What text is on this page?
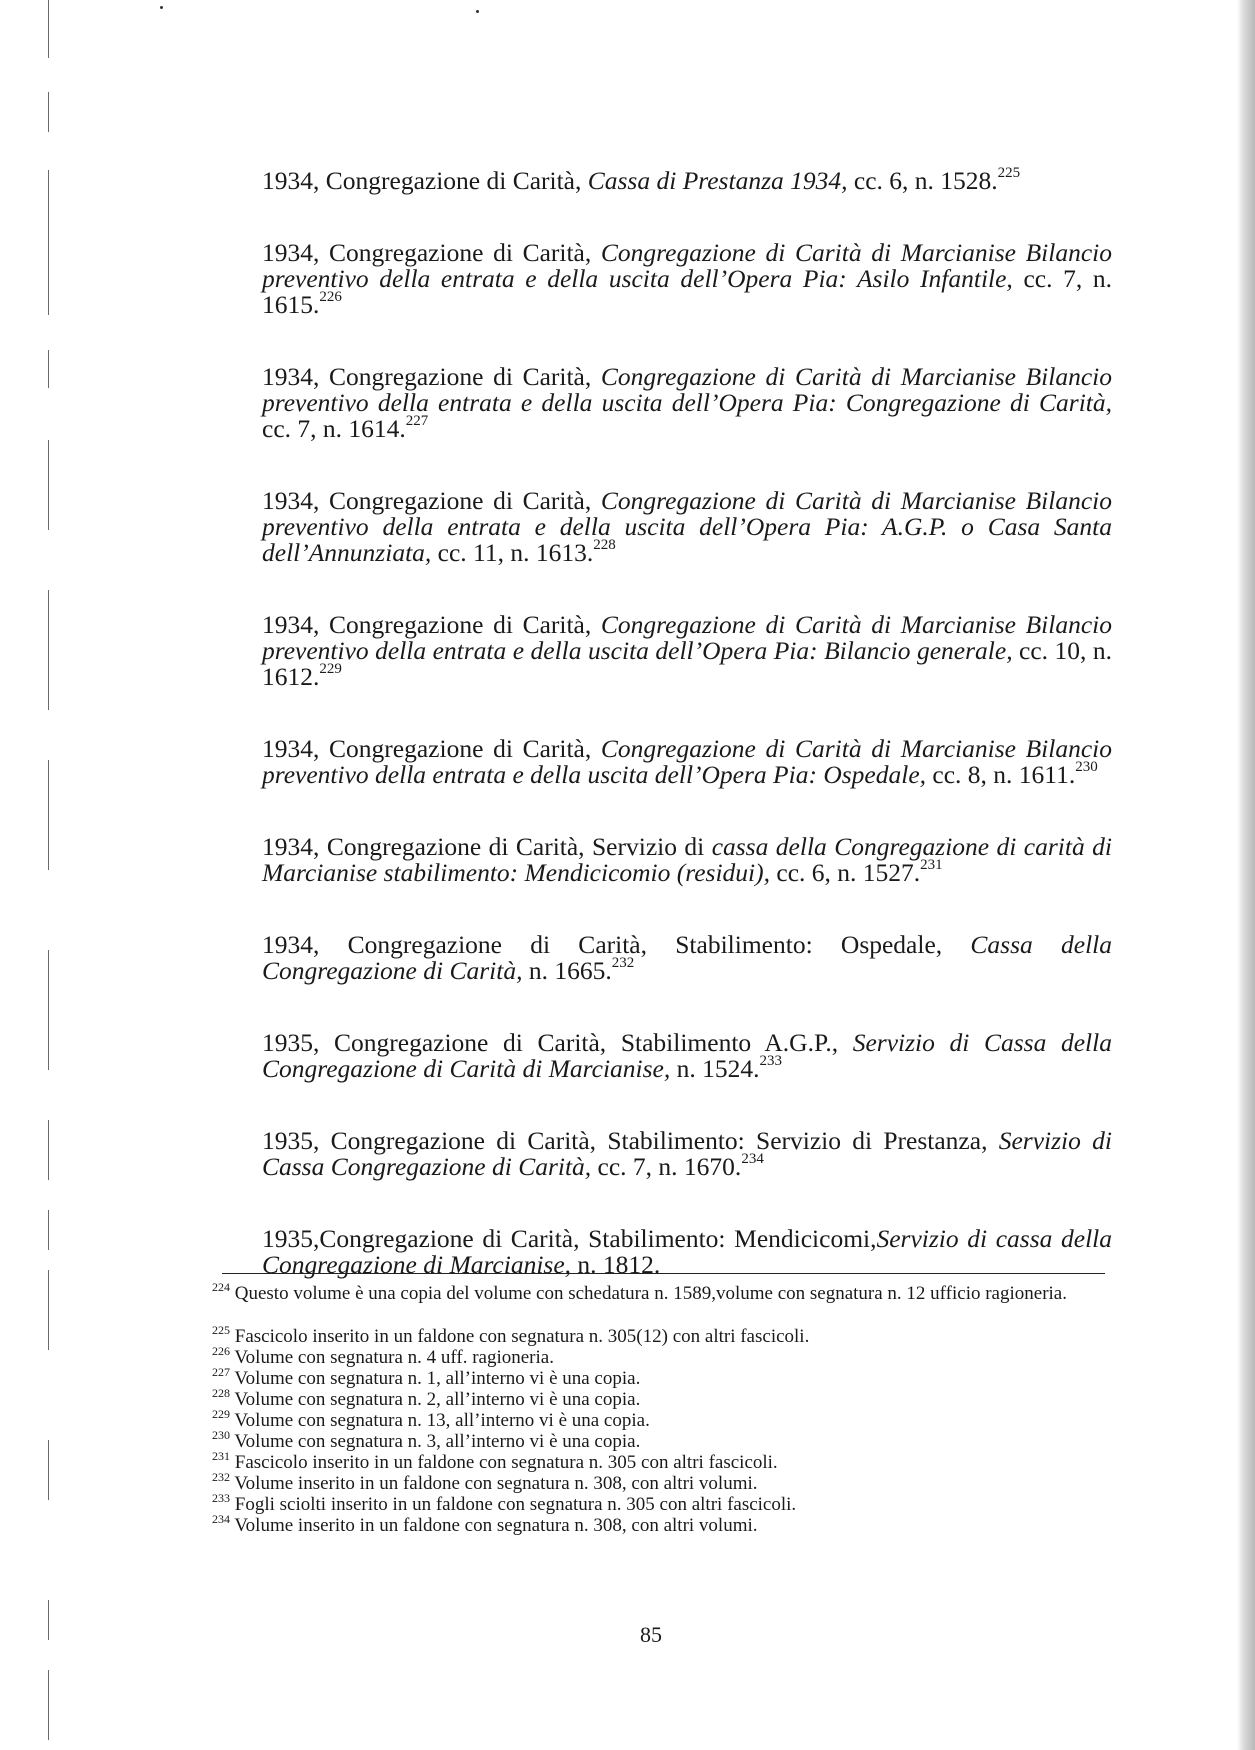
1934, Congregazione di Carità, Cassa di Prestanza 1934, cc. 6, n. 1528.$^{225}$

1934, Congregazione di Carità, Congregazione di Carità di Marcianise Bilancio preventivo della entrata e della uscita dell’Opera Pia: Asilo Infantile, cc. 7, n. 1615.$^{226}$

1934, Congregazione di Carità, Congregazione di Carità di Marcianise Bilancio preventivo della entrata e della uscita dell’Opera Pia: Congregazione di Carità, cc. 7, n. 1614.$^{227}$

1934, Congregazione di Carità, Congregazione di Carità di Marcianise Bilancio preventivo della entrata e della uscita dell’Opera Pia: A.G.P. o Casa Santa dell’Annunziata, cc. 11, n. 1613.$^{228}$

1934, Congregazione di Carità, Congregazione di Carità di Marcianise Bilancio preventivo della entrata e della uscita dell’Opera Pia: Bilancio generale, cc. 10, n. 1612.$^{229}$

1934, Congregazione di Carità, Congregazione di Carità di Marcianise Bilancio preventivo della entrata e della uscita dell’Opera Pia: Ospedale, cc. 8, n. 1611.$^{230}$

1934, Congregazione di Carità, Servizio di cassa della Congregazione di carità di Marcianise stabilimento: Mendicicomio (residui), cc. 6, n. 1527.$^{231}$

1934, Congregazione di Carità, Stabilimento: Ospedale, Cassa della Congregazione di Carità, n. 1665.$^{232}$

1935, Congregazione di Carità, Stabilimento A.G.P., Servizio di Cassa della Congregazione di Carità di Marcianise, n. 1524.$^{233}$

1935, Congregazione di Carità, Stabilimento: Servizio di Prestanza, Servizio di Cassa Congregazione di Carità, cc. 7, n. 1670.$^{234}$

1935,Congregazione di Carità, Stabilimento: Mendicicomi,Servizio di cassa della Congregazione di Marcianise, n. 1812.

$^{224}$ Questo volume è una copia del volume con schedatura n. 1589,volume con segnatura n. 12 ufficio ragioneria.

$^{225}$ Fascicolo inserito in un faldone con segnatura n. 305(12) con altri fascicoli.

$^{226}$ Volume con segnatura n. 4 uff. ragioneria.

$^{227}$ Volume con segnatura n. 1, all’interno vi è una copia.

$^{228}$ Volume con segnatura n. 2, all’interno vi è una copia.

$^{229}$ Volume con segnatura n. 13, all’interno vi è una copia.

$^{230}$ Volume con segnatura n. 3, all’interno vi è una copia.

$^{231}$ Fascicolo inserito in un faldone con segnatura n. 305 con altri fascicoli.

$^{232}$ Volume inserito in un faldone con segnatura n. 308, con altri volumi.

$^{233}$ Fogli sciolti inserito in un faldone con segnatura n. 305 con altri fascicoli.

$^{234}$ Volume inserito in un faldone con segnatura n. 308, con altri volumi.

85
